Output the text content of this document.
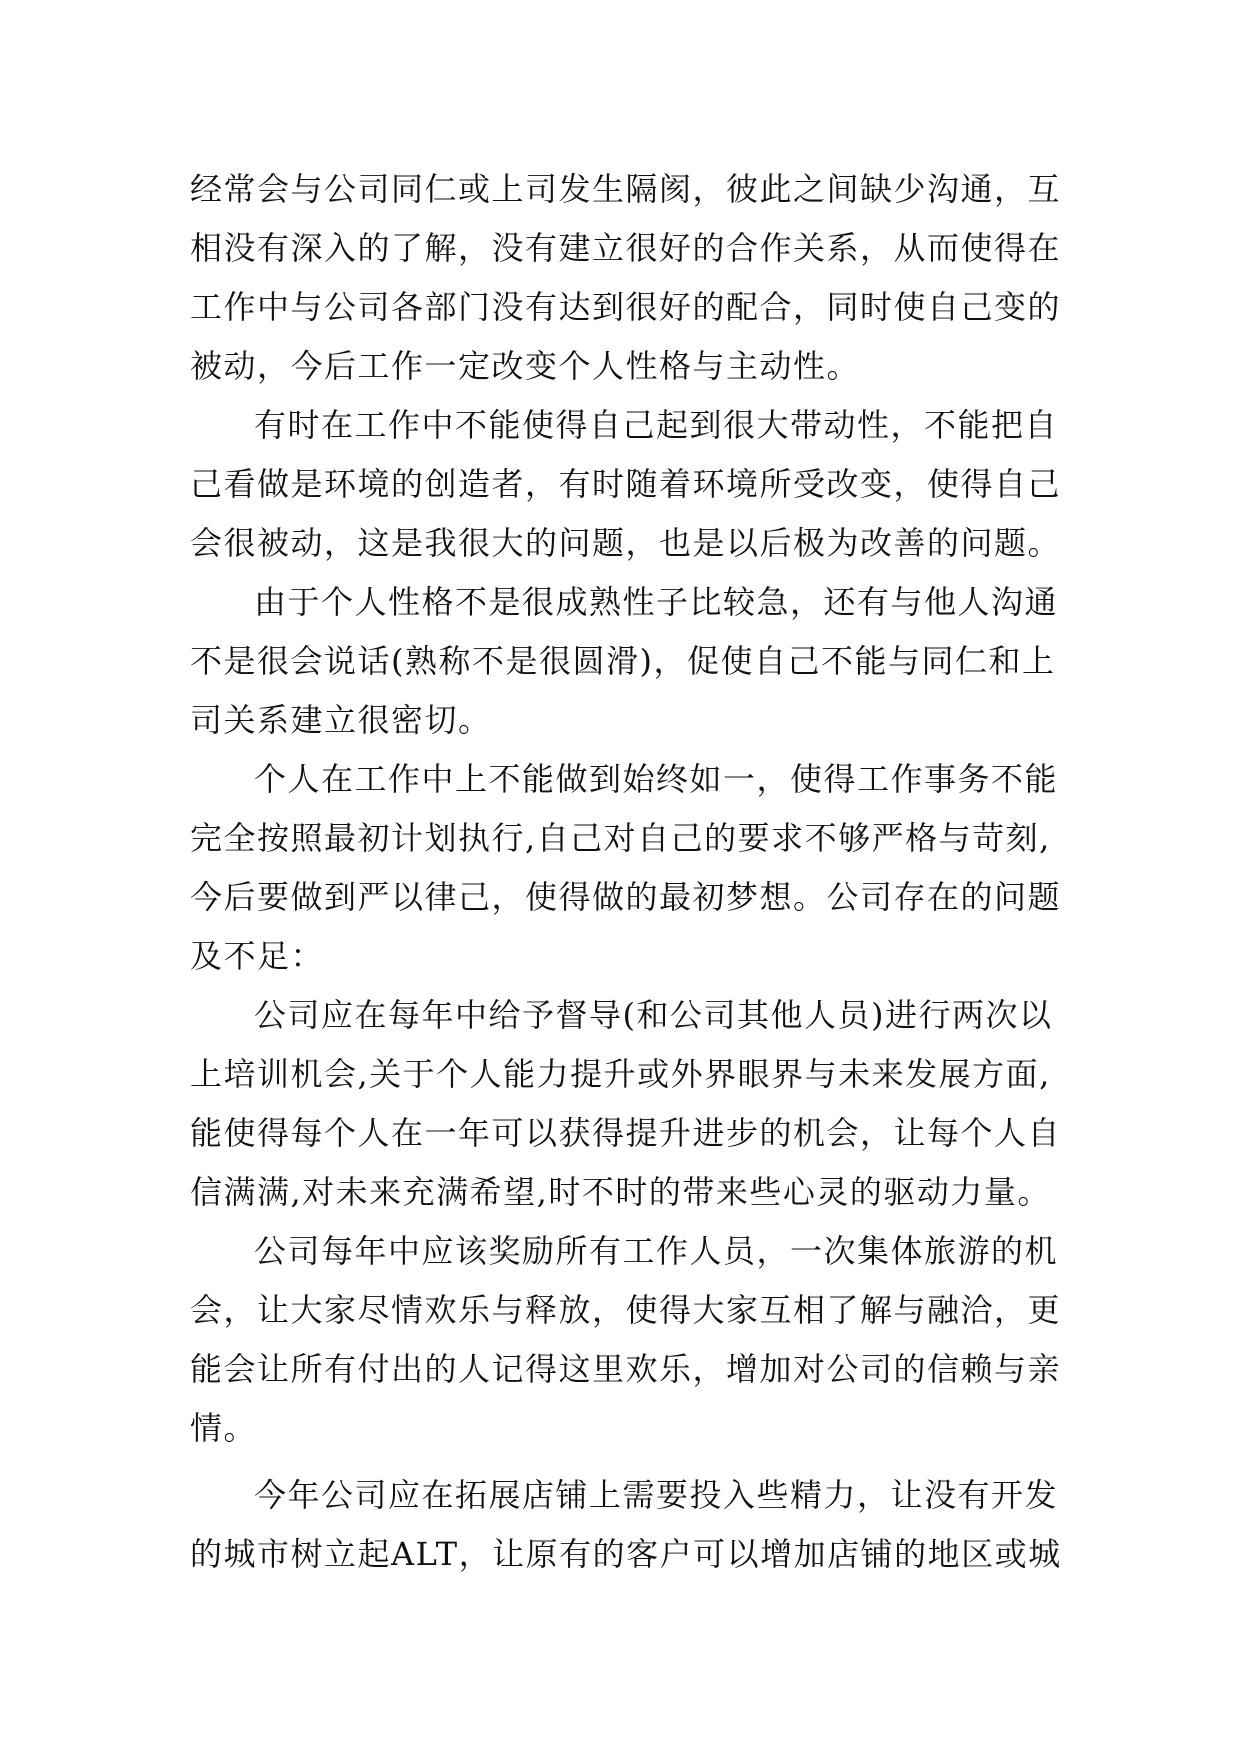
经常会与公司同仁或上司发生隔阂，彼此之间缺少沟通，互
相没有深入的了解，没有建立很好的合作关系，从而使得在
工作中与公司各部门没有达到很好的配合，同时使自己变的
被动，今后工作一定改变个人性格与主动性。
有时在工作中不能使得自己起到很大带动性，不能把自
己看做是环境的创造者，有时随着环境所受改变，使得自己
会很被动，这是我很大的问题，也是以后极为改善的问题。
由于个人性格不是很成熟性子比较急，还有与他人沟通
不是很会说话(熟称不是很圆滑)，促使自己不能与同仁和上
司关系建立很密切。
个人在工作中上不能做到始终如一，使得工作事务不能
完全按照最初计划执行,自己对自己的要求不够严格与苛刻,
今后要做到严以律己，使得做的最初梦想。公司存在的问题
及不足：
公司应在每年中给予督导(和公司其他人员)进行两次以
上培训机会,关于个人能力提升或外界眼界与未来发展方面,
能使得每个人在一年可以获得提升进步的机会，让每个人自
信满满,对未来充满希望,时不时的带来些心灵的驱动力量。
公司每年中应该奖励所有工作人员，一次集体旅游的机
会，让大家尽情欢乐与释放，使得大家互相了解与融洽，更
能会让所有付出的人记得这里欢乐，增加对公司的信赖与亲
情。
今年公司应在拓展店铺上需要投入些精力，让没有开发
的城市树立起ALT，让原有的客户可以增加店铺的地区或城
